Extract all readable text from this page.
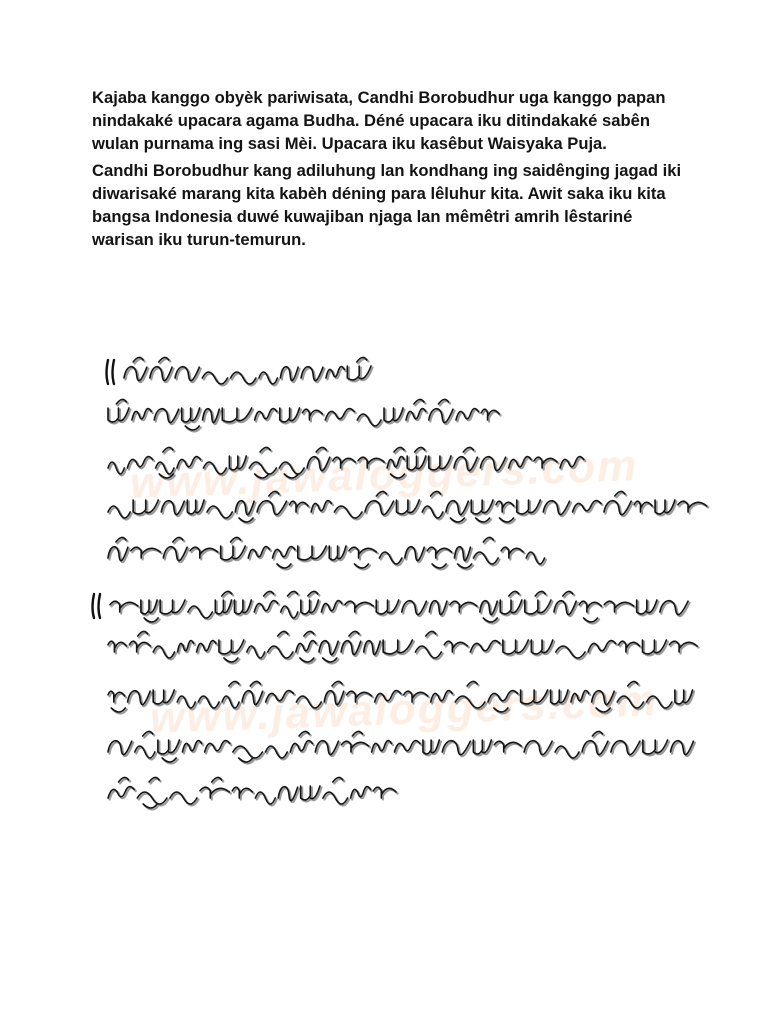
Kajaba kanggo obyèk pariwisata, Candhi Borobudhur uga kanggo papan nindakaké upacara agama Budha. Déné upacara iku ditindakaké sabên wulan purnama ing sasi Mèi. Upacara iku kasêbut Waisyaka Puja.

Candhi Borobudhur kang adiluhung lan kondhang ing saidênging jagad iki diwarisaké marang kita kabèh déning para lêluhur kita. Awit saka iku kita bangsa Indonesia duwé kuwajiban njaga lan mêmêtri amrih lêstariné warisan iku turun-temurun.

www.jawaloggers.com
www.jawaloggers.com
